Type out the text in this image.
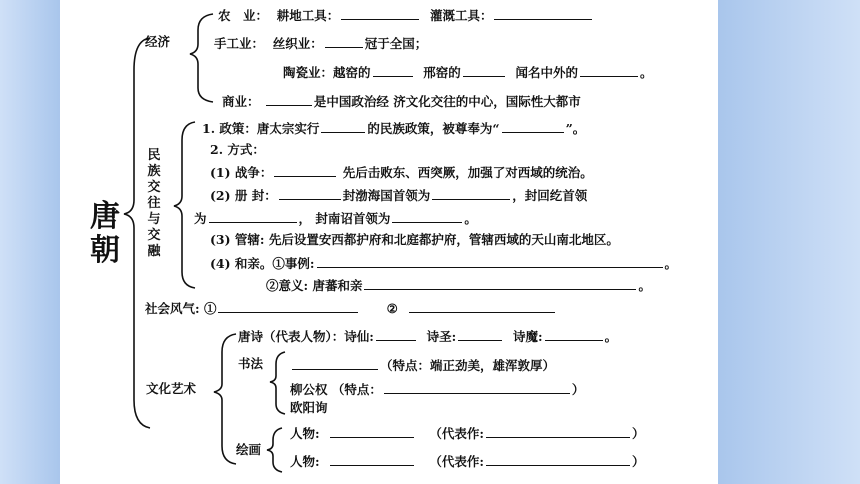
唐朝
经济
农　业： 耕地工具：	灌溉工具：
手工业： 丝织业：	冠于全国；
陶瓷业：越窑的	邢窑的	闻名中外的	。
商业：	是中国政治经 济文化交往的中心，国际性大都市
民族交往与交融
1. 政策：唐太宗实行	的民族政策，被尊奉为“	”。
2. 方式：
(1) 战争：	先后击败东、西突厥，加强了对西域的统治。
(2) 册 封：	封渤海国首领为	，封回纥首领
为	， 封南诏首领为	。
(3) 管辖: 先后设置安西都护府和北庭都护府，管辖西域的天山南北地区。
(4) 和亲。①事例:	。
②意义: 唐蕃和亲	。
社会风气: ①	②
文化艺术
唐诗（代表人物）：诗仙:	诗圣:	诗魔:	。
书法	（特点：端正劲美，雄浑敦厚）
柳公权 （特点：	）
欧阳询
绘画
人物:	（代表作:	）
人物:	（代表作:	）
